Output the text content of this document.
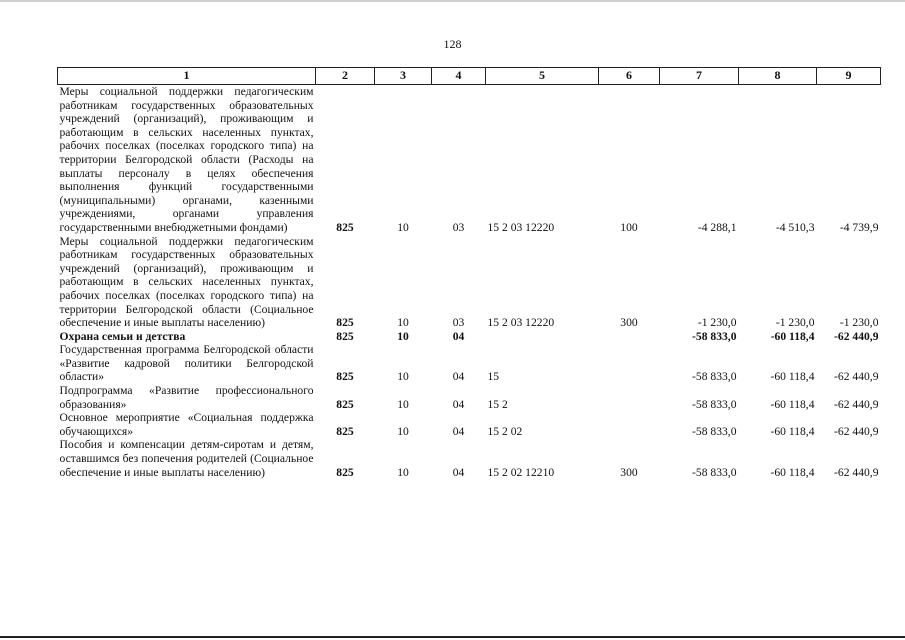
128
1	2	3	4	5	6	7	8	9
Меры социальной поддержки педагогическим работникам государственных образовательных учреждений (организаций), проживающим и работающим в сельских населенных пунктах, рабочих поселках (поселках городского типа) на территории Белгородской области (Расходы на выплаты персоналу в целях обеспечения выполнения функций государственными (муниципальными) органами, казенными учреждениями, органами управления государственными внебюджетными фондами)	825	10	03	15 2 03 12220	100	-4 288,1	-4 510,3	-4 739,9
Меры социальной поддержки педагогическим работникам государственных образовательных учреждений (организаций), проживающим и работающим в сельских населенных пунктах, рабочих поселках (поселках городского типа) на территории Белгородской области (Социальное обеспечение и иные выплаты населению)	825	10	03	15 2 03 12220	300	-1 230,0	-1 230,0	-1 230,0
Охрана семьи и детства	825	10	04			-58 833,0	-60 118,4	-62 440,9
Государственная программа Белгородской области «Развитие кадровой политики Белгородской области»	825	10	04	15		-58 833,0	-60 118,4	-62 440,9
Подпрограмма «Развитие профессионального образования»	825	10	04	15 2		-58 833,0	-60 118,4	-62 440,9
Основное мероприятие «Социальная поддержка обучающихся»	825	10	04	15 2 02		-58 833,0	-60 118,4	-62 440,9
Пособия и компенсации детям-сиротам и детям, оставшимся без попечения родителей (Социальное обеспечение и иные выплаты населению)	825	10	04	15 2 02 12210	300	-58 833,0	-60 118,4	-62 440,9
